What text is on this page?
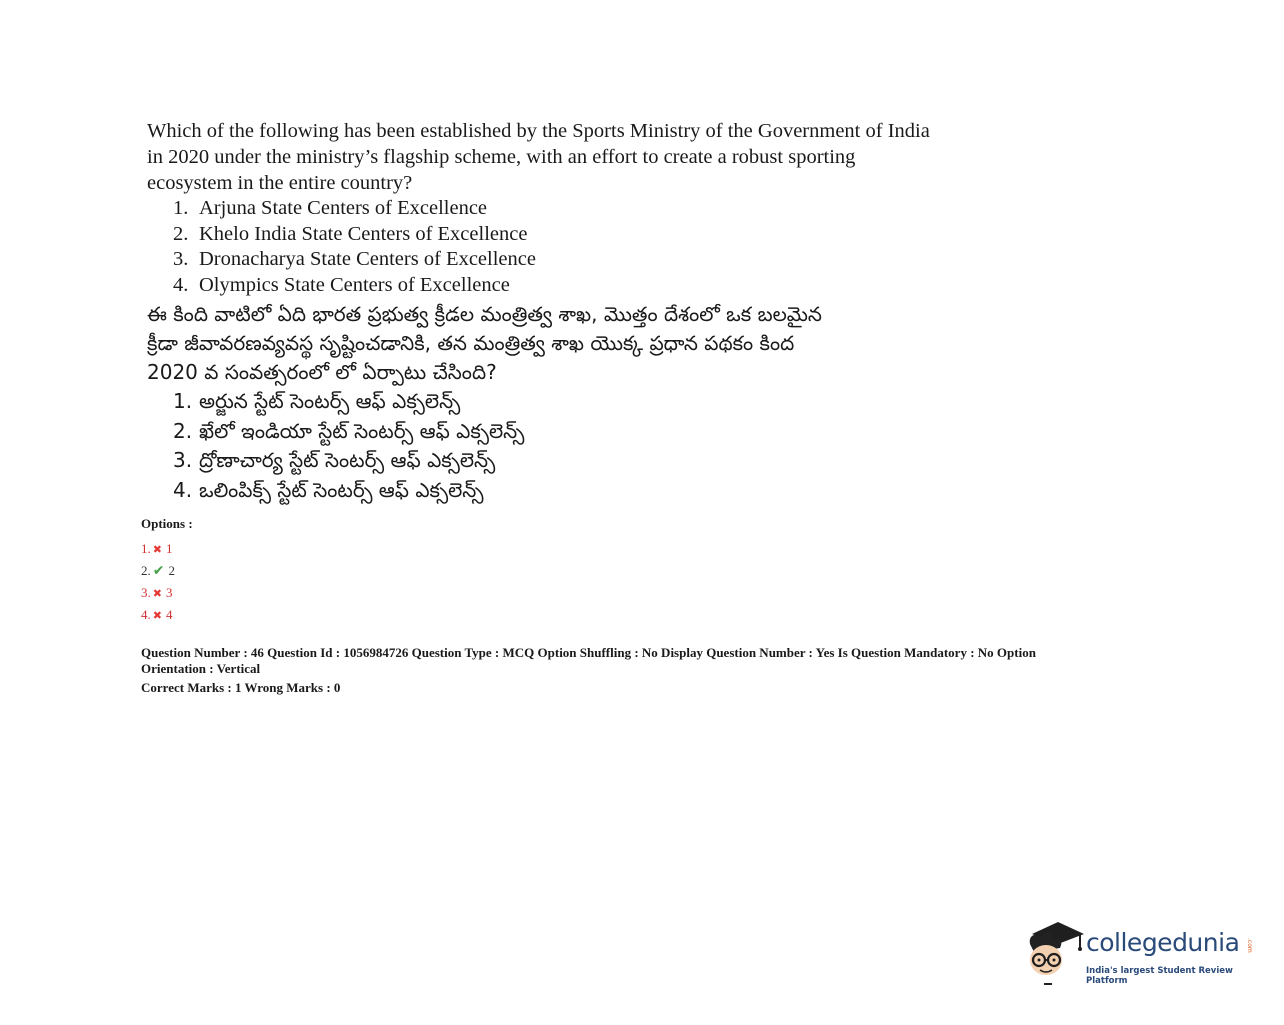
Which of the following has been established by the Sports Ministry of the Government of India
in 2020 under the ministry’s flagship scheme, with an effort to create a robust sporting
ecosystem in the entire country?

1. Arjuna State Centers of Excellence
2. Khelo India State Centers of Excellence
3. Dronacharya State Centers of Excellence
4. Olympics State Centers of Excellence

ఈ కింది వాటిలో ఏది భారత ప్రభుత్వ క్రీడల మంత్రిత్వ శాఖ, మొత్తం దేశంలో ఒక బలమైన
క్రీడా జీవావరణవ్యవస్థ సృష్టించడానికి, తన మంత్రిత్వ శాఖ యొక్క ప్రధాన పథకం కింద
2020 వ సంవత్సరంలో లో ఏర్పాటు చేసింది?

1. అర్జున స్టేట్ సెంటర్స్ ఆఫ్ ఎక్సలెన్స్
2. ఖేలో ఇండియా స్టేట్ సెంటర్స్ ఆఫ్ ఎక్సలెన్స్
3. ద్రోణాచార్య స్టేట్ సెంటర్స్ ఆఫ్ ఎక్సలెన్స్
4. ఒలింపిక్స్ స్టేట్ సెంటర్స్ ఆఫ్ ఎక్సలెన్స్
Options :
1. ✖ 1
2. ✔ 2
3. ✖ 3
4. ✖ 4
Question Number : 46 Question Id : 1056984726 Question Type : MCQ Option Shuffling : No Display Question Number : Yes Is Question Mandatory : No Option
Orientation : Vertical
Correct Marks : 1 Wrong Marks : 0
collegedunia .com
India's largest Student Review Platform
